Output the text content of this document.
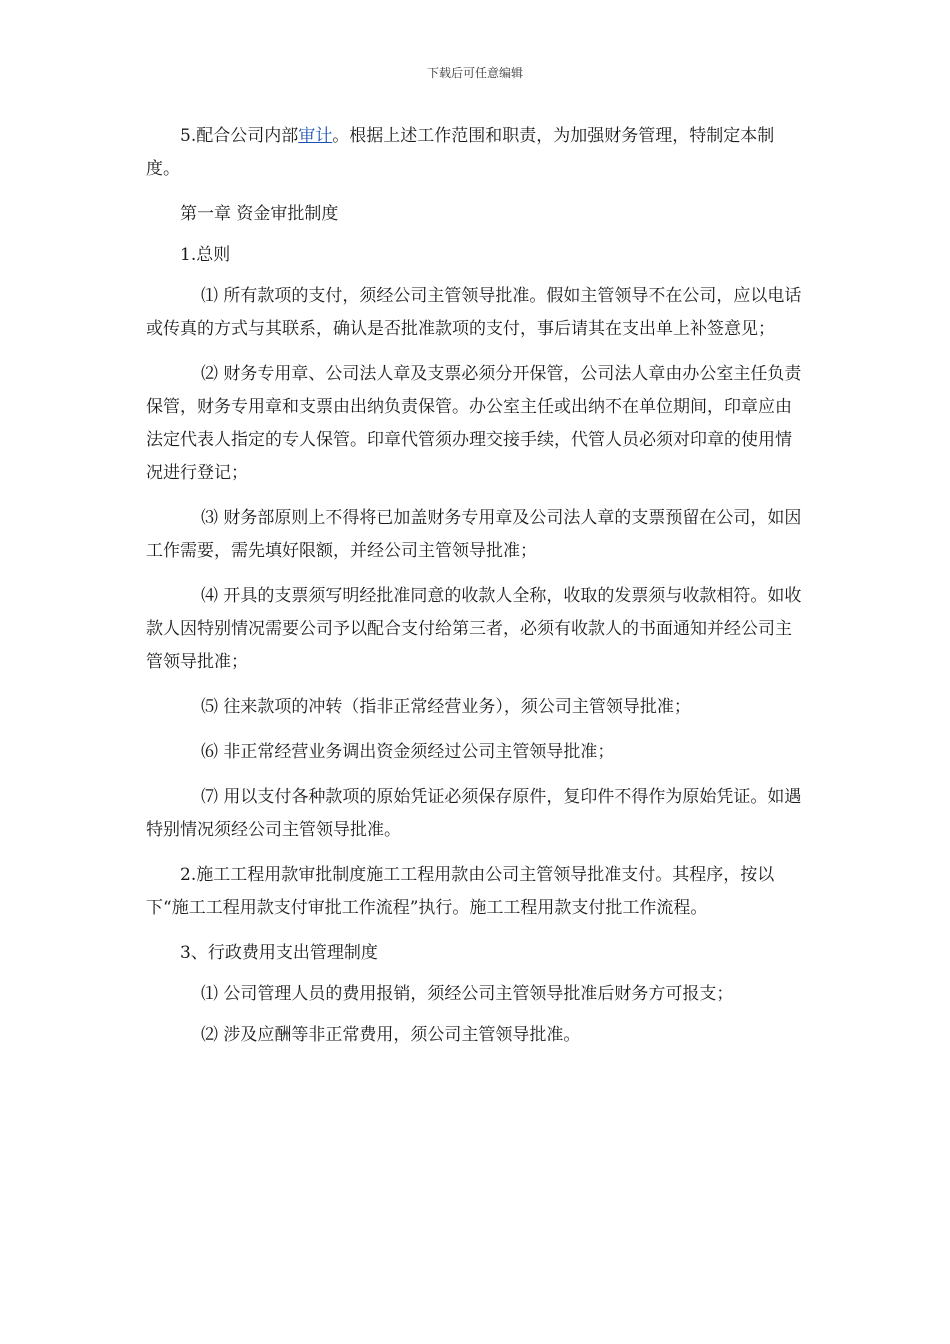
下载后可任意编辑

5.配合公司内部审计。根据上述工作范围和职责，为加强财务管理，特制定本制度。

第一章 资金审批制度

1.总则

⑴ 所有款项的支付，须经公司主管领导批准。假如主管领导不在公司，应以电话或传真的方式与其联系，确认是否批准款项的支付，事后请其在支出单上补签意见；

⑵ 财务专用章、公司法人章及支票必须分开保管，公司法人章由办公室主任负责保管，财务专用章和支票由出纳负责保管。办公室主任或出纳不在单位期间，印章应由法定代表人指定的专人保管。印章代管须办理交接手续，代管人员必须对印章的使用情况进行登记；

⑶ 财务部原则上不得将已加盖财务专用章及公司法人章的支票预留在公司，如因工作需要，需先填好限额，并经公司主管领导批准；

⑷ 开具的支票须写明经批准同意的收款人全称，收取的发票须与收款相符。如收款人因特别情况需要公司予以配合支付给第三者，必须有收款人的书面通知并经公司主管领导批准；

⑸ 往来款项的冲转（指非正常经营业务），须公司主管领导批准；

⑹ 非正常经营业务调出资金须经过公司主管领导批准；

⑺ 用以支付各种款项的原始凭证必须保存原件，复印件不得作为原始凭证。如遇特别情况须经公司主管领导批准。

2.施工工程用款审批制度施工工程用款由公司主管领导批准支付。其程序，按以下“施工工程用款支付审批工作流程”执行。施工工程用款支付批工作流程。

3、行政费用支出管理制度

⑴ 公司管理人员的费用报销，须经公司主管领导批准后财务方可报支；

⑵ 涉及应酬等非正常费用，须公司主管领导批准。
